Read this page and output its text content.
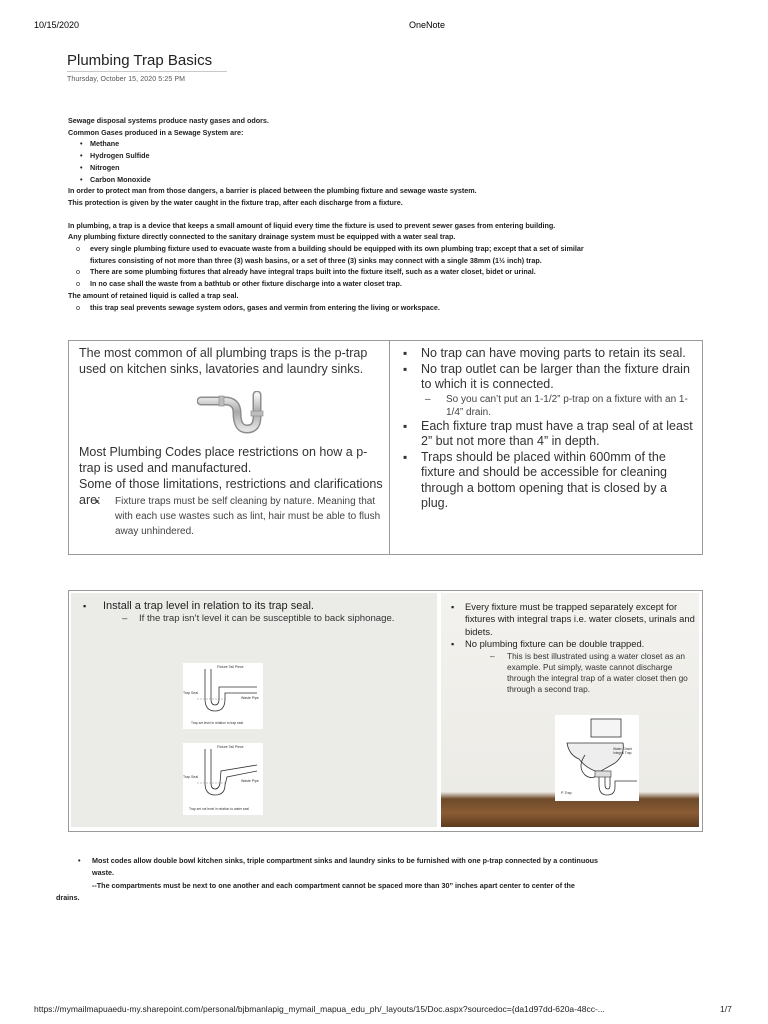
10/15/2020	OneNote
Plumbing Trap Basics
Thursday, October 15, 2020 5:25 PM
Sewage disposal systems produce nasty gases and odors.
Common Gases produced in a Sewage System are:
• Methane
• Hydrogen Sulfide
• Nitrogen
• Carbon Monoxide
In order to protect man from those dangers, a barrier is placed between the plumbing fixture and sewage waste system.
This protection is given by the water caught in the fixture trap, after each discharge from a fixture.
In plumbing, a trap is a device that keeps a small amount of liquid every time the fixture is used to prevent sewer gases from entering building.
Any plumbing fixture directly connected to the sanitary drainage system must be equipped with a water seal trap.
o every single plumbing fixture used to evacuate waste from a building should be equipped with its own plumbing trap; except that a set of similar
fixtures consisting of not more than three (3) wash basins, or a set of three (3) sinks may connect with a single 38mm (1½ inch) trap.
o There are some plumbing fixtures that already have integral traps built into the fixture itself, such as a water closet, bidet or urinal.
o In no case shall the waste from a bathtub or other fixture discharge into a water closet trap.
The amount of retained liquid is called a trap seal.
o this trap seal prevents sewage system odors, gases and vermin from entering the living or workspace.
The most common of all plumbing traps is the p-trap used on kitchen sinks, lavatories and laundry sinks.
Most Plumbing Codes place restrictions on how a p-trap is used and manufactured.
Some of those limitations, restrictions and clarifications are:	▪ Fixture traps must be self cleaning by nature. Meaning that with each use wastes such as lint, hair must be able to flush away unhindered.
▪ No trap can have moving parts to retain its seal.
▪ No trap outlet can be larger than the fixture drain to which it is connected.
– So you can’t put an 1-1/2” p-trap on a fixture with an 1-1/4” drain.
▪ Each fixture trap must have a trap seal of at least 2” but not more than 4” in depth.
▪ Traps should be placed within 600mm of the fixture and should be accessible for cleaning through a bottom opening that is closed by a plug.
▪ Install a trap level in relation to its trap seal.
– If the trap isn’t level it can be susceptible to back siphonage.
Fixture Tail Piece
Trap Seal
Waste Pipe
Trap set level in relation to trap seal
Fixture Tail Piece
Trap Seal
Waste Pipe
Trap set not level in relation to water seal
▪ Every fixture must be trapped separately except for fixtures with integral traps i.e. water closets, urinals and bidets.
▪ No plumbing fixture can be double trapped.
– This is best illustrated using a water closet as an example. Put simply, waste cannot discharge through the integral trap of a water closet then go through a second trap.
Water Closet Integral Trap
P-Trap
• Most codes allow double bowl kitchen sinks, triple compartment sinks and laundry sinks to be furnished with one p-trap connected by a continuous
waste.
--The compartments must be next to one another and each compartment cannot be spaced more than 30” inches apart center to center of the
drains.
https://mymailmapuaedu-my.sharepoint.com/personal/bjbmanlapig_mymail_mapua_edu_ph/_layouts/15/Doc.aspx?sourcedoc={da1d97dd-620a-48cc-...	1/7
